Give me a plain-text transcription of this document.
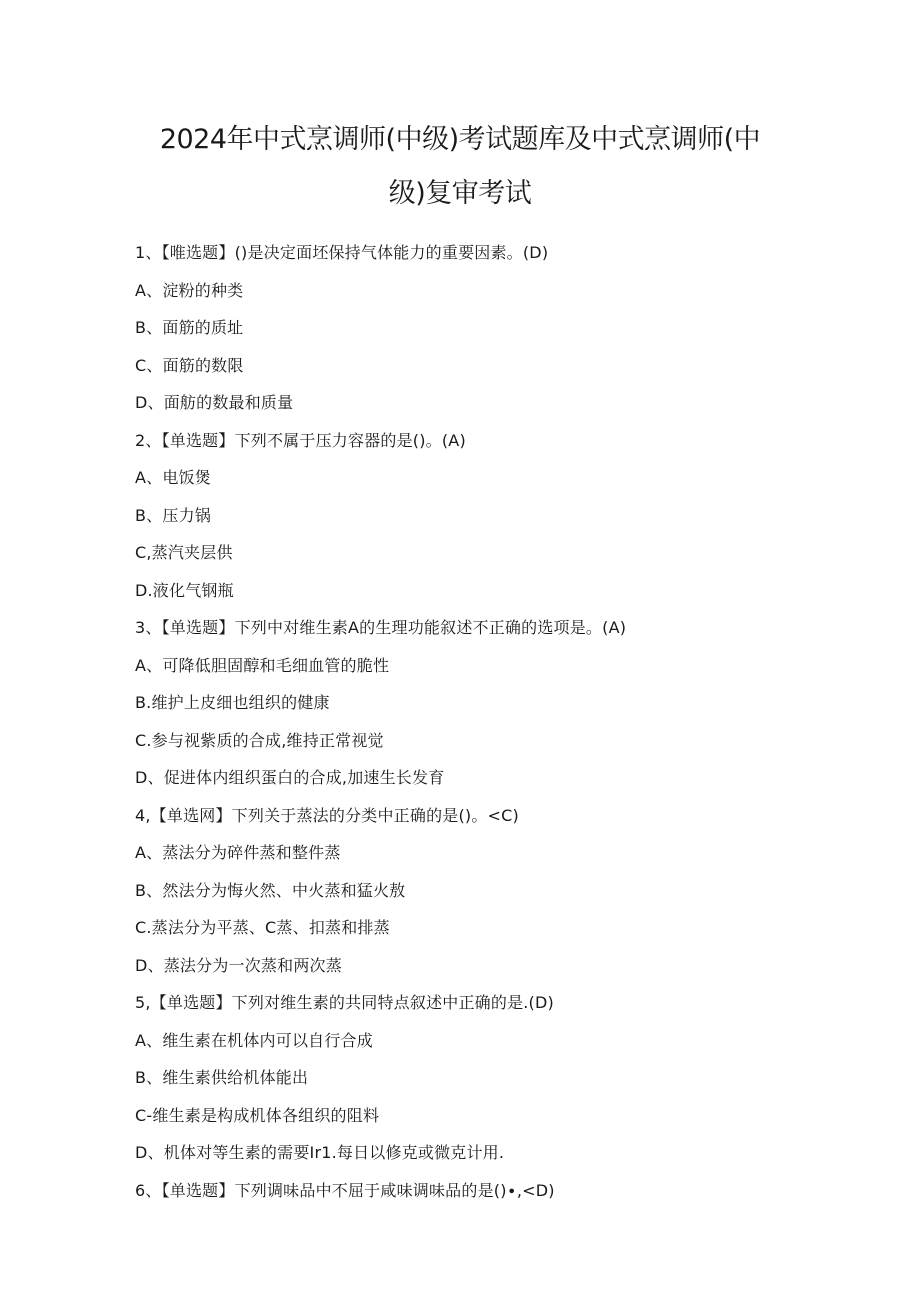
2024年中式烹调师(中级)考试题库及中式烹调师(中
级)复审考试
1、【唯选题】()是决定面坯保持气体能力的重要因素。(D)
A、淀粉的种类
B、面筋的质址
C、面筋的数限
D、面舫的数最和质量
2、【单选题】下列不属于压力容器的是()。(A)
A、电饭煲
B、压力锅
C,蒸汽夹层供
D.液化气钢瓶
3、【单选题】下列中对维生素A的生理功能叙述不正确的选项是。(A)
A、可降低胆固醇和毛细血管的脆性
B.维护上皮细也组织的健康
C.参与视紫质的合成,维持正常视觉
D、促进体内组织蛋白的合成,加速生长发育
4,【单选网】下列关于蒸法的分类中正确的是()。<C)
A、蒸法分为碎件蒸和整件蒸
B、然法分为悔火然、中火蒸和猛火敖
C.蒸法分为平蒸、C蒸、扣蒸和排蒸
D、蒸法分为一次蒸和两次蒸
5,【单选题】下列对维生素的共同特点叙述中正确的是.(D)
A、维生素在机体内可以自行合成
B、维生素供给机体能出
C-维生素是构成机体各组织的阻料
D、机体对等生素的需要Ir1.每日以修克或微克计用.
6、【单选题】下列调味品中不屈于咸味调味品的是()∙,<D)
